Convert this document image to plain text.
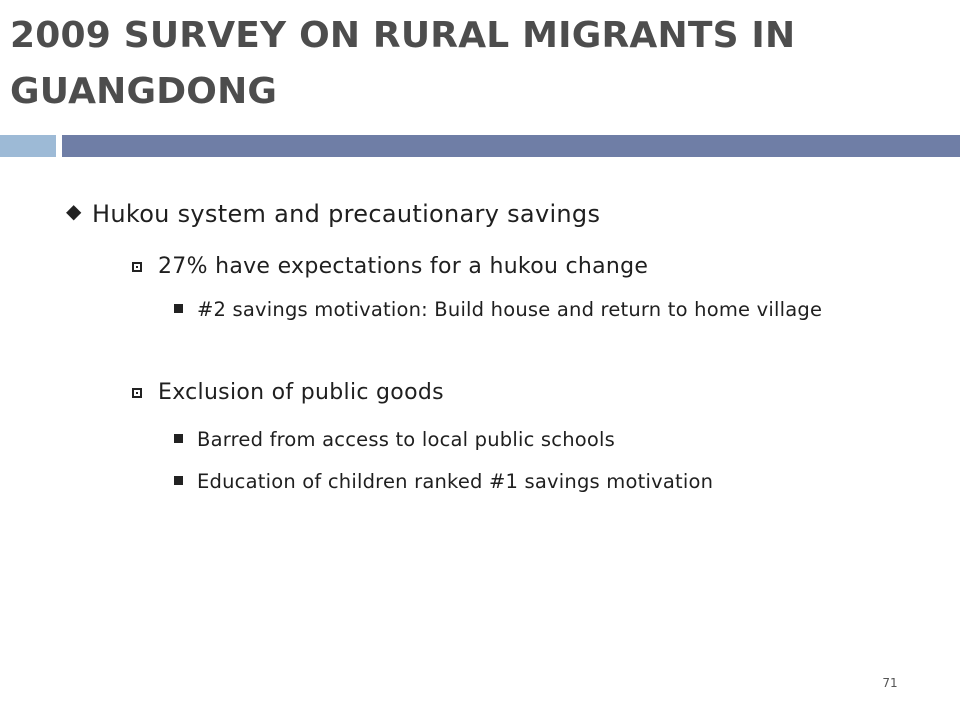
2009 SURVEY ON RURAL MIGRANTS IN GUANGDONG

◆ Hukou system and precautionary savings

27% have expectations for a hukou change

#2 savings motivation: Build house and return to home village

Exclusion of public goods

Barred from access to local public schools

Education of children ranked #1 savings motivation

71
